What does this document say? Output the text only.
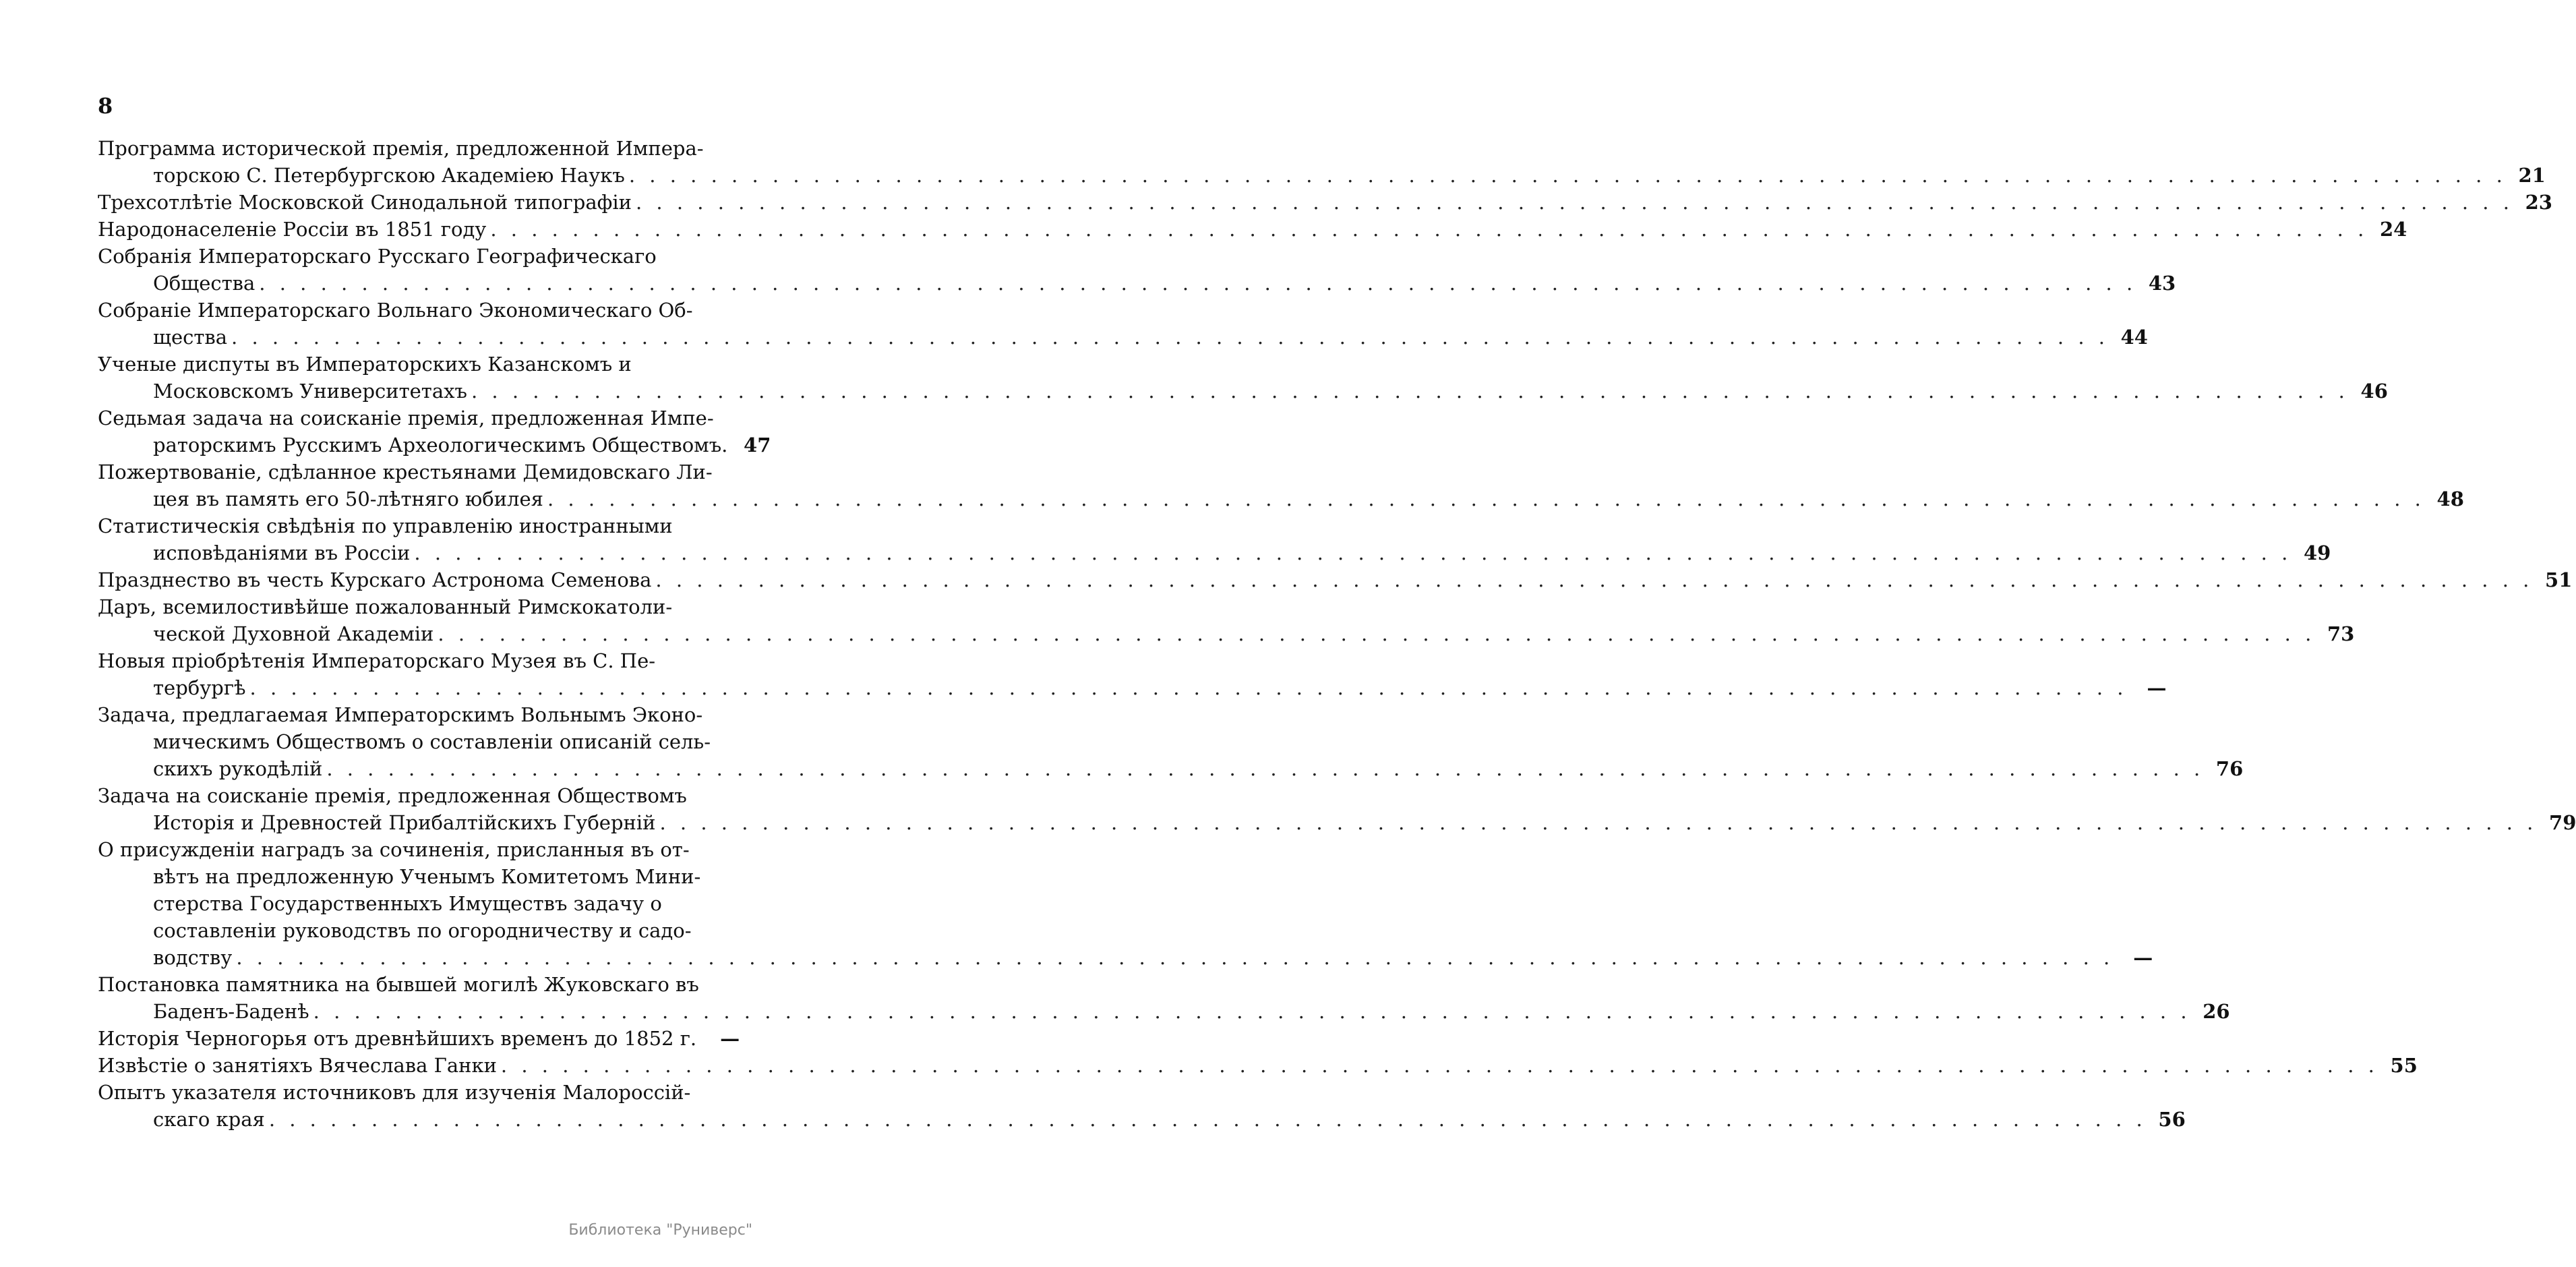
8
Программа исторической премія, предложенной Импера-
торскою С. Петербургскою Академіею Наукъ . . .	21
Трехсотлѣтіе Московской Синодальной типографіи . . .	23
Народонаселеніе Россіи въ 1851 году . . .	24
Собранія Императорскаго Русскаго Географическаго
Общества . . .	43
Собраніе Императорскаго Вольнаго Экономическаго Об-
щества . . .	44
Ученые диспуты въ Императорскихъ Казанскомъ и
Московскомъ Университетахъ . . .	46
Седьмая задача на соисканіе премія, предложенная Импе-
раторскимъ Русскимъ Археологическимъ Обществомъ. 47
Пожертвованіе, сдѣланное крестьянами Демидовскаго Ли-
цея въ память его 50-лѣтняго юбилея . . .	48
Статистическія свѣдѣнія по управленію иностранными
исповѣданіями въ Россіи . . .	49
Празднество въ честь Курскаго Астронома Семенова . . .	51
Даръ, всемилостивѣйше пожалованный Римскокатоли-
ческой Духовной Академіи . . .	73
Новыя пріобрѣтенія Императорскаго Музея въ С. Пе-
тербургѣ . . .	—
Задача, предлагаемая Императорскимъ Вольнымъ Эконо-
мическимъ Обществомъ о составленіи описаній сель-
скихъ рукодѣлій . . .	76
Задача на соисканіе премія, предложенная Обществомъ
Исторія и Древностей Прибалтійскихъ Губерній . . .	79
О присужденіи наградъ за сочиненія, присланныя въ от-
вѣтъ на предложенную Ученымъ Комитетомъ Мини-
стерства Государственныхъ Имуществъ задачу о
составленіи руководствъ по огородничеству и садо-
водству . . .	—
Постановка памятника на бывшей могилѣ Жуковскаго въ
Баденъ-Баденѣ . . .	26
Исторія Черногорья отъ древнѣйшихъ временъ до 1852 г.	—
Извѣстіе о занятіяхъ Вячеслава Ганки . . .	55
Опытъ указателя источниковъ для изученія Малороссій-
скаго края . . .	56
Библиотека "Руниверс"
